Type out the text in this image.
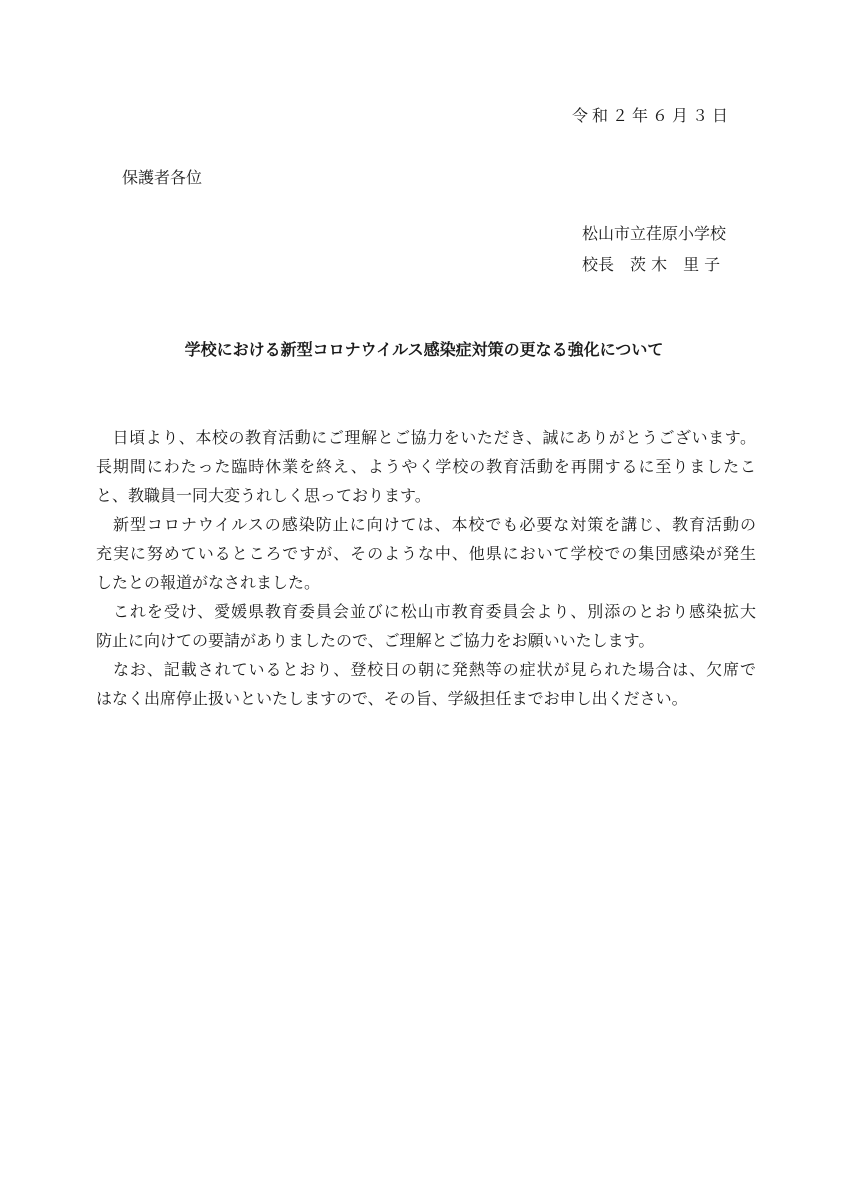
令和２年６月３日
保護者各位
松山市立荏原小学校
校長　茨 木　里 子
学校における新型コロナウイルス感染症対策の更なる強化について
　日頃より、本校の教育活動にご理解とご協力をいただき、誠にありがとうございます。
長期間にわたった臨時休業を終え、ようやく学校の教育活動を再開するに至りましたこ
と、教職員一同大変うれしく思っております。
　新型コロナウイルスの感染防止に向けては、本校でも必要な対策を講じ、教育活動の
充実に努めているところですが、そのような中、他県において学校での集団感染が発生
したとの報道がなされました。
　これを受け、愛媛県教育委員会並びに松山市教育委員会より、別添のとおり感染拡大
防止に向けての要請がありましたので、ご理解とご協力をお願いいたします。
　なお、記載されているとおり、登校日の朝に発熱等の症状が見られた場合は、欠席で
はなく出席停止扱いといたしますので、その旨、学級担任までお申し出ください。
